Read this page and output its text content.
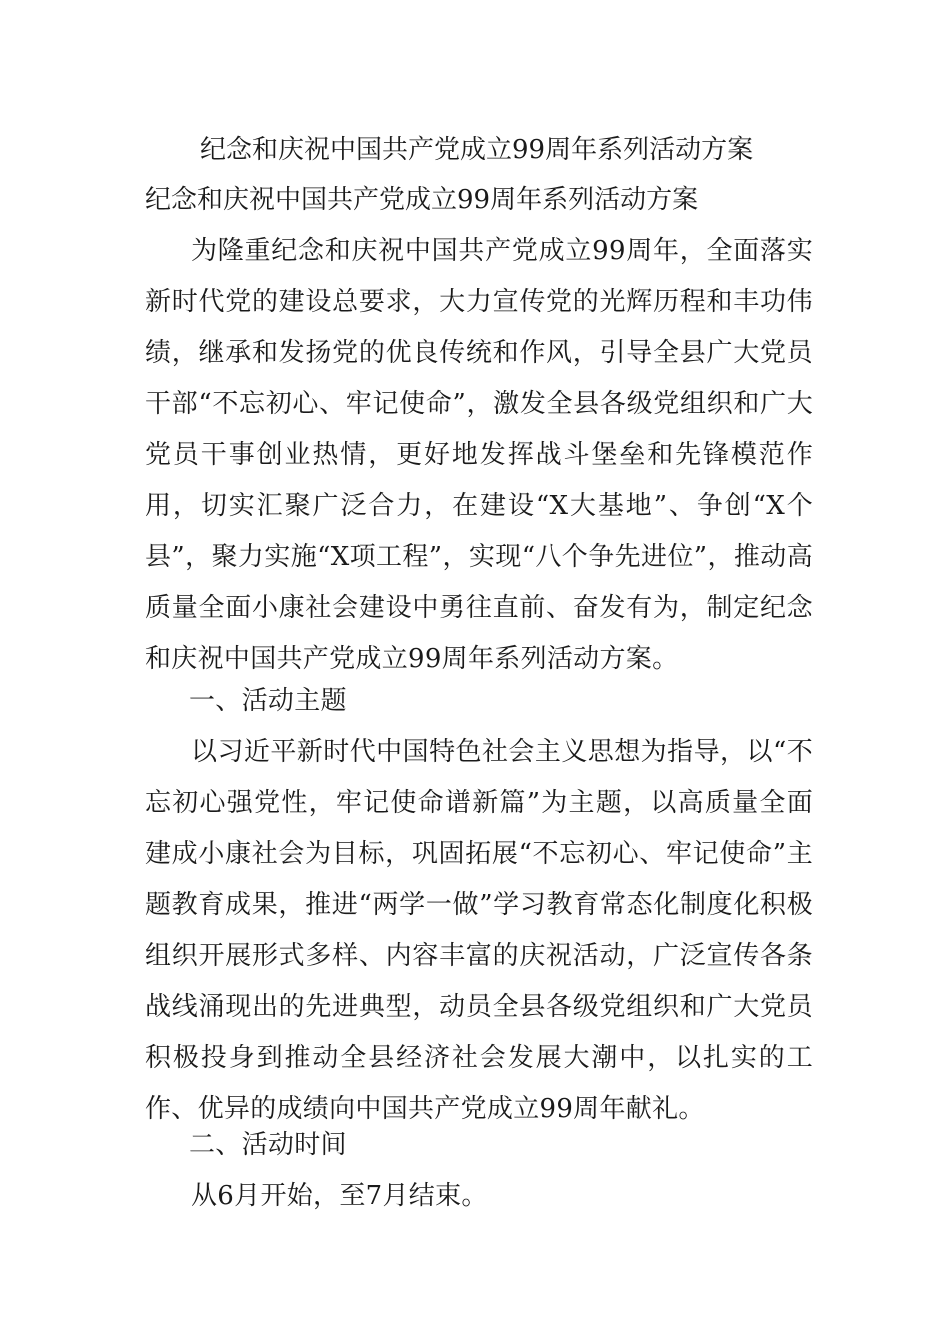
纪念和庆祝中国共产党成立99周年系列活动方案
纪念和庆祝中国共产党成立99周年系列活动方案

为隆重纪念和庆祝中国共产党成立99周年，全面落实新时代党的建设总要求，大力宣传党的光辉历程和丰功伟绩，继承和发扬党的优良传统和作风，引导全县广大党员干部“不忘初心、牢记使命”，激发全县各级党组织和广大党员干事创业热情，更好地发挥战斗堡垒和先锋模范作用，切实汇聚广泛合力，在建设“X大基地”、争创“X个县”，聚力实施“X项工程”，实现“八个争先进位”，推动高质量全面小康社会建设中勇往直前、奋发有为，制定纪念和庆祝中国共产党成立99周年系列活动方案。

一、活动主题

以习近平新时代中国特色社会主义思想为指导，以“不忘初心强党性，牢记使命谱新篇”为主题，以高质量全面建成小康社会为目标，巩固拓展“不忘初心、牢记使命”主题教育成果，推进“两学一做”学习教育常态化制度化积极组织开展形式多样、内容丰富的庆祝活动，广泛宣传各条战线涌现出的先进典型，动员全县各级党组织和广大党员积极投身到推动全县经济社会发展大潮中，以扎实的工作、优异的成绩向中国共产党成立99周年献礼。

二、活动时间

从6月开始，至7月结束。
